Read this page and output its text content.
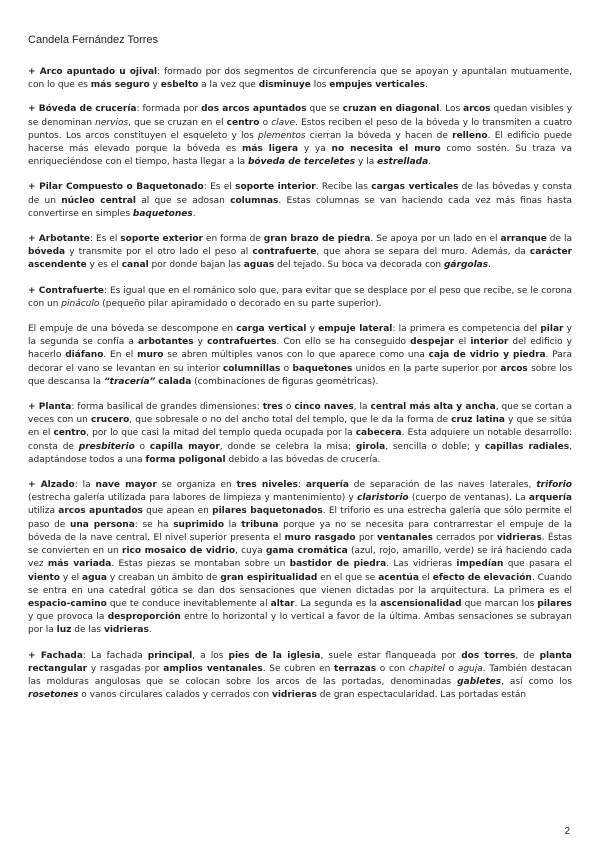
Candela Fernández Torres

+ Arco apuntado u ojival: formado por dos segmentos de circunferencia que se apoyan y apuntalan mutuamente, con lo que es más seguro y esbelto a la vez que disminuye los empujes verticales.

+ Bóveda de crucería: formada por dos arcos apuntados que se cruzan en diagonal. Los arcos quedan visibles y se denominan nervios, que se cruzan en el centro o clave. Estos reciben el peso de la bóveda y lo transmiten a cuatro puntos. Los arcos constituyen el esqueleto y los plementos cierran la bóveda y hacen de relleno. El edificio puede hacerse más elevado porque la bóveda es más ligera y ya no necesita el muro como sostén. Su traza va enriqueciéndose con el tiempo, hasta llegar a la bóveda de terceletes y la estrellada.

+ Pilar Compuesto o Baquetonado: Es el soporte interior. Recibe las cargas verticales de las bóvedas y consta de un núcleo central al que se adosan columnas. Estas columnas se van haciendo cada vez más finas hasta convertirse en simples baquetones.

+ Arbotante: Es el soporte exterior en forma de gran brazo de piedra. Se apoya por un lado en el arranque de la bóveda y transmite por el otro lado el peso al contrafuerte, que ahora se separa del muro. Además, da carácter ascendente y es el canal por donde bajan las aguas del tejado. Su boca va decorada con gárgolas.

+ Contrafuerte: Es igual que en el románico solo que, para evitar que se desplace por el peso que recibe, se le corona con un pináculo (pequeño pilar apiramidado o decorado en su parte superior).

El empuje de una bóveda se descompone en carga vertical y empuje lateral: la primera es competencia del pilar y la segunda se confía a arbotantes y contrafuertes. Con ello se ha conseguido despejar el interior del edificio y hacerlo diáfano. En el muro se abren múltiples vanos con lo que aparece como una caja de vidrio y piedra. Para decorar el vano se levantan en su interior columnillas o baquetones unidos en la parte superior por arcos sobre los que descansa la “tracería” calada (combinaciones de figuras geométricas).

+ Planta: forma basilical de grandes dimensiones: tres o cinco naves, la central más alta y ancha, que se cortan a veces con un crucero, que sobresale o no del ancho total del templo, que le da la forma de cruz latina y que se sitúa en el centro, por lo que casi la mitad del templo queda ocupada por la cabecera. Esta adquiere un notable desarrollo: consta de presbiterio o capilla mayor, donde se celebra la misa; girola, sencilla o doble; y capillas radiales, adaptándose todos a una forma poligonal debido a las bóvedas de crucería.

+ Alzado: la nave mayor se organiza en tres niveles: arquería de separación de las naves laterales, triforio (estrecha galería utilizada para labores de limpieza y mantenimiento) y claristorio (cuerpo de ventanas). La arquería utiliza arcos apuntados que apean en pilares baquetonados. El triforio es una estrecha galería que sólo permite el paso de una persona: se ha suprimido la tribuna porque ya no se necesita para contrarrestar el empuje de la bóveda de la nave central. El nivel superior presenta el muro rasgado por ventanales cerrados por vidrieras. Éstas se convierten en un rico mosaico de vidrio, cuya gama cromática (azul, rojo, amarillo, verde) se irá haciendo cada vez más variada. Estas piezas se montaban sobre un bastidor de piedra. Las vidrieras impedían que pasara el viento y el agua y creaban un ámbito de gran espiritualidad en el que se acentúa el efecto de elevación. Cuando se entra en una catedral gótica se dan dos sensaciones que vienen dictadas por la arquitectura. La primera es el espacio-camino que te conduce inevitablemente al altar. La segunda es la ascensionalidad que marcan los pilares y que provoca la desproporción entre lo horizontal y lo vertical a favor de la última. Ambas sensaciones se subrayan por la luz de las vidrieras.

+ Fachada: La fachada principal, a los pies de la iglesia, suele estar flanqueada por dos torres, de planta rectangular y rasgadas por amplios ventanales. Se cubren en terrazas o con chapitel o aguja. También destacan las molduras angulosas que se colocan sobre los arcos de las portadas, denominadas gabletes, así como los rosetones o vanos circulares calados y cerrados con vidrieras de gran espectacularidad. Las portadas están

2
